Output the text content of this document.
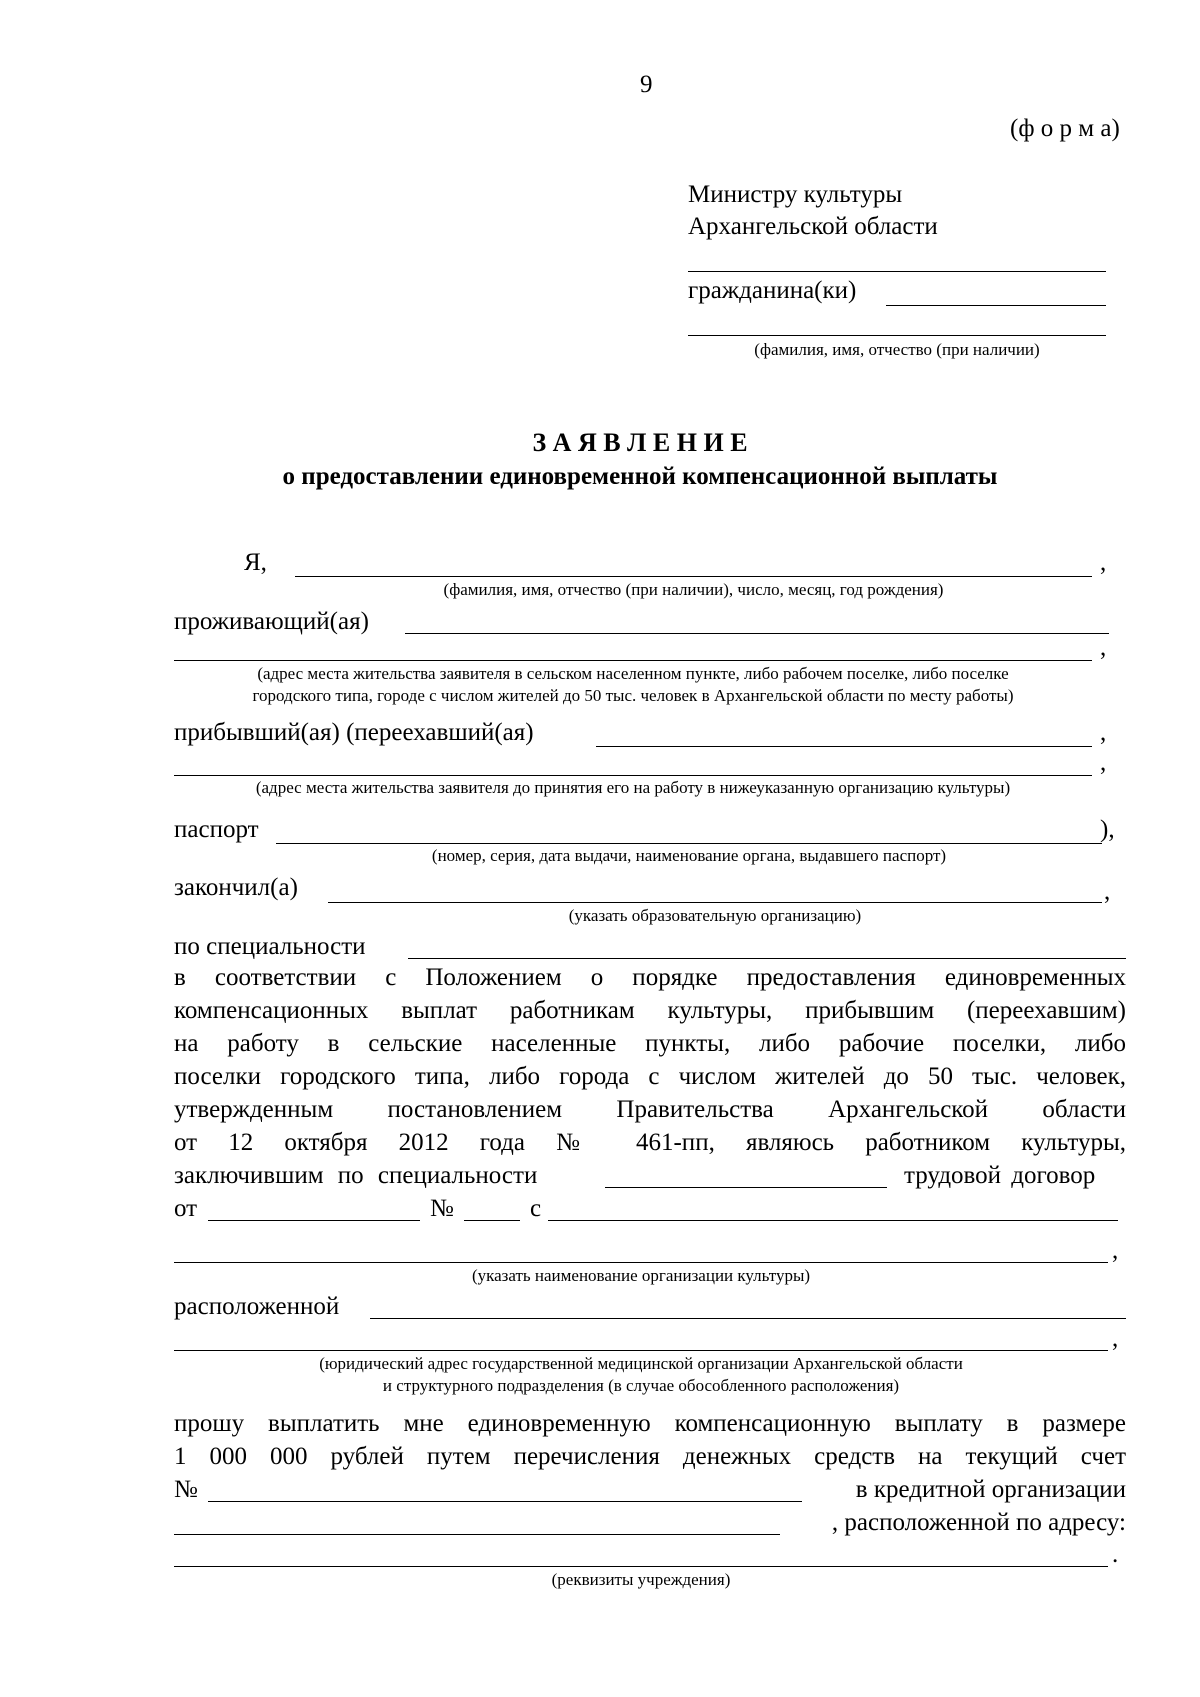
9
(ф о р м а)
Министру культуры
Архангельской области
гражданина(ки)
(фамилия, имя, отчество (при наличии)
З А Я В Л Е Н И Е
о предоставлении единовременной компенсационной выплаты
Я,	,
(фамилия, имя, отчество (при наличии), число, месяц, год рождения)
проживающий(ая)
,
(адрес места жительства заявителя в сельском населенном пункте, либо рабочем поселке, либо поселке
городского типа, городе с числом жителей до 50 тыс. человек в Архангельской области по месту работы)
прибывший(ая) (переехавший(ая)	,
,
(адрес места жительства заявителя до принятия его на работу в нижеуказанную организацию культуры)
паспорт	),
(номер, серия, дата выдачи, наименование органа, выдавшего паспорт)
закончил(а)	,
(указать образовательную организацию)
по специальности
в соответствии с Положением о порядке предоставления единовременных
компенсационных выплат работникам культуры, прибывшим (переехавшим)
на работу в сельские населенные пункты, либо рабочие поселки, либо
поселки городского типа, либо города с числом жителей до 50 тыс. человек,
утвержденным постановлением Правительства Архангельской области
от 12 октября 2012 года № 461-пп, являюсь работником культуры,
заключившим по специальности	трудовой договор
от	№	с
,
(указать наименование организации культуры)
расположенной
,
(юридический адрес государственной медицинской организации Архангельской области
и структурного подразделения (в случае обособленного расположения)
прошу выплатить мне единовременную компенсационную выплату в размере
1 000 000 рублей путем перечисления денежных средств на текущий счет
№	в кредитной организации
, расположенной по адресу:
.
(реквизиты учреждения)
